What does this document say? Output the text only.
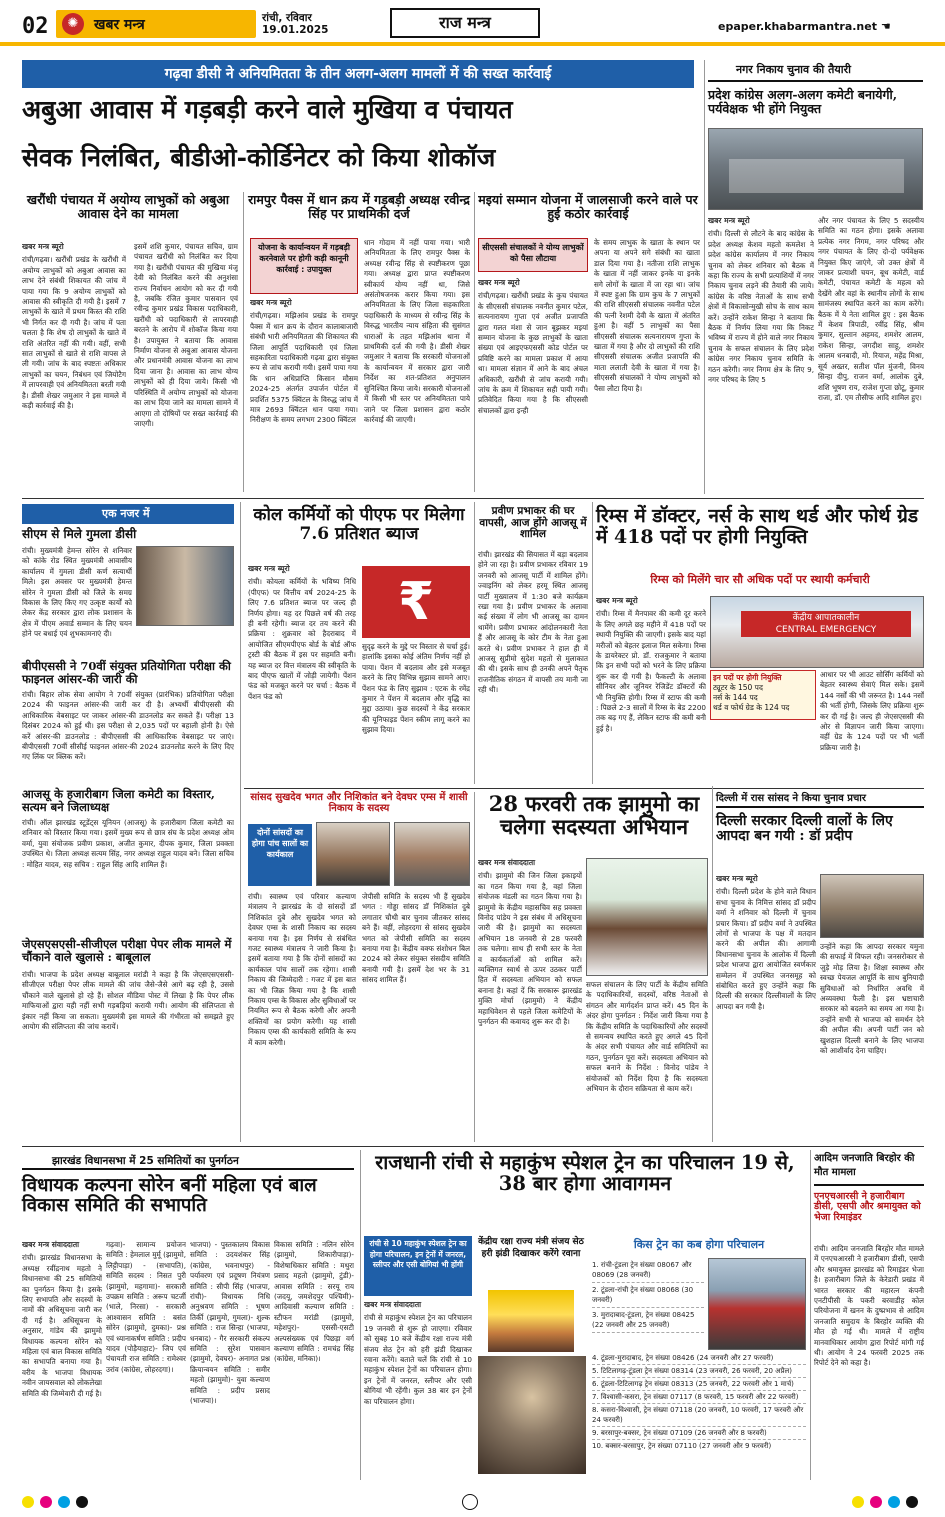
02	खबर मन्त्र
✺	रांची, रविवार
19.01.2025	राज मन्त्र	epaper.khabarmantra.net ☚
गढ़वा डीसी ने अनियमितता के तीन अलग-अलग मामलों में की सख्त कार्रवाई
अबुआ आवास में गड़बड़ी करने वाले मुखिया व पंचायत
सेवक निलंबित, बीडीओ-कोर्डिनेटर को किया शोकॉज
खरौंधी पंचायत में अयोग्य लाभुकों को अबुआ आवास देने का मामला
रामपुर पैक्स में धान क्रय में गड़बड़ी अध्यक्ष रवीन्द्र सिंह पर प्राथमिकी दर्ज
मइयां सम्मान योजना में जालसाजी करने वाले पर हुई कठोर कार्रवाई
खबर मन्त्र ब्यूरो

रांची/गढ़वा। खरौंधी प्रखंड के खरौंधी में अयोग्य लाभुकों को अबुआ आवास का लाभ देने संबंधी शिकायत की जांच में पाया गया कि 9 अयोग्य लाभुकों को आवास की स्वीकृति दी गयी है। इसमें 7 लाभुकों के खाते में प्रथम किस्त की राशि भी निर्गत कर दी गयी है। जांच में पता चलता है कि शेष दो लाभुकों के खाते में राशि अंतरित नहीं की गयी। वहीं, सभी सात लाभुकों से खाते से राशि वापस ले ली गयी। जांच के बाद स्पष्टतः अधिकार लाभुकों का चयन, निबंधन एवं जियोटैग में लापरवाही एवं अनियमितता बरती गयी है। डीसी शेखर जमुआर ने इस मामले में कड़ी कार्रवाई की है।

इसमें शशि कुमार, पंचायत सचिव, ग्राम पंचायत खरौंधी को निलंबित कर दिया गया है। खरौंधी पंचायत की मुखिया मंजू देवी को निलंबित करने की अनुशंसा राज्य निर्वाचन आयोग को कर दी गयी है, जबकि रंजित कुमार पासवान एवं रवीन्द्र कुमार प्रखंड विकास पदाधिकारी, खरौंधी को पदाधिकारी से लापरवाही बरतने के आरोप में शोकॉज किया गया है। उपायुक्त ने बताया कि आवास निर्माण योजना से अबुआ आवास योजना और प्रधानमंत्री आवास योजना का लाभ दिया जाना है। आवास का लाभ योग्य लाभुकों को ही दिया जाये। किसी भी परिस्थिति में अयोग्य लाभुकों को योजना का लाभ दिया जाने का मामला सामने में आएगा तो दोषियों पर सख्त कार्रवाई की जाएगी।

योजना के कार्यान्वयन में गड़बड़ी करनेवाले पर होगी कड़ी कानूनी कार्रवाई : उपायुक्त
खबर मन्त्र ब्यूरो

रांची/गढ़वा। मझिआंव प्रखंड के रामपुर पैक्स में धान क्रय के दौरान कालाबाजारी संबंधी भारी अनियमितता की शिकायत की जिला आपूर्ति पदाधिकारी एवं जिला सहकारिता पदाधिकारी गढ़वा द्वारा संयुक्त रूप से जांच करायी गयी। इसमें पाया गया कि धान अधिप्राप्ति किसान मौसम 2024-25 अंतर्गत उपार्जन पोर्टल में प्रदर्शित 5375 क्विंटल के विरुद्ध जांच में मात्र 2693 क्विंटल धान पाया गया। निरीक्षण के समय लगभग 2300 क्विंटल

धान गोदाम में नहीं पाया गया। भारी अनियमितता के लिए रामपुर पैक्स के अध्यक्ष रवीन्द्र सिंह से स्पष्टीकरण पूछा गया। अध्यक्ष द्वारा प्राप्त स्पष्टीकरण स्वीकार्य योग्य नहीं था, जिसे असंतोषजनक करार किया गया। इस अनियमितता के लिए जिला सहकारिता पदाधिकारी के माध्यम से रवीन्द्र सिंह के विरुद्ध भारतीय न्याय संहिता की सुसंगत धाराओं के तहत मझिआंव थाना में प्राथमिकी दर्ज की गयी है। डीसी शेखर जमुआर ने बताया कि सरकारी योजनाओं के कार्यान्वयन में सरकार द्वारा जारी निर्देश का शत-प्रतिशत अनुपालन सुनिश्चित किया जाये। सरकारी योजनाओं में किसी भी स्तर पर अनियमितता पाये जाने पर जिला प्रशासन द्वारा कठोर कार्रवाई की जाएगी।

सीएससी संचालकों ने योग्य लाभुकों को पैसा लौटाया
खबर मन्त्र ब्यूरो

रांची/गढ़वा। खरौंधी प्रखंड के कुच पंचायत के सीएससी संचालक नवनीत कुमार पटेल, सत्यनारायण गुप्ता एवं अजीत प्रजापति द्वारा गलत मंशा से जान बूझकर मइयां सम्मान योजना के कुछ लाभुकों के खाता संख्या एवं आइएफएससी कोड पोर्टल पर प्रविष्टि करने का मामला प्रकाश में आया था। मामला संज्ञान में आने के बाद अंचल अधिकारी, खरौंधी से जांच करायी गयी। जांच के क्रम में शिकायत सही पायी गयी। प्रतिवेदित किया गया है कि सीएससी संचालकों द्वारा इन्ही

के समय लाभुक के खाता के स्थान पर अपना या अपने सगे संबंधी का खाता डाल दिया गया है। नतीजा राशि लाभुक के खाता में नहीं जाकर इनके या इनके सगे लोगों के खाता में जा रहा था। जांच में स्पष्ट हुआ कि ग्राम कुच के 7 लाभुकों की राशि सीएससी संचालक नवनीत पटेल की पत्नी रेशमी देवी के खाता में अंतरित हुआ है। वहीं 5 लाभुकों का पैसा सीएससी संचालक सत्यनारायण गुप्ता के खाता में गया है और दो लाभुकों की राशि सीएससी संचालक अजीत प्रजापति की माता ललाती देवी के खाता में गया है। सीएससी संचालकों ने योग्य लाभुकों को पैसा लौटा दिया है।

नगर निकाय चुनाव की तैयारी
प्रदेश कांग्रेस अलग-अलग कमेटी बनायेगी, पर्यवेक्षक भी होंगे नियुक्त
खबर मन्त्र ब्यूरो

रांची। दिल्ली से लौटने के बाद कांग्रेस के प्रदेश अध्यक्ष केशव महतो कमलेश ने प्रदेश कांग्रेस कार्यालय में नगर निकाय चुनाव को लेकर शनिवार को बैठक में कहा कि राज्य के सभी प्रत्याशियों में नगर निकाय चुनाव लड़ने की तैयारी की जाये। कांग्रेस के वरिष्ठ नेताओं के साथ सभी क्षेत्रों में विकासोन्मुखी सोच के साथ काम करें। उन्होंने राकेश सिन्हा ने बताया कि बैठक में निर्णय लिया गया कि निकट भविष्य में राज्य में होने वाले नगर निकाय चुनाव के सफल संचालन के लिए प्रदेश कांग्रेस नगर निकाय चुनाव समिति के गठन करेगी। नगर निगम क्षेत्र के लिए 9, नगर परिषद के लिए 5

और नगर पंचायत के लिए 5 सदस्यीय समिति का गठन होगा। इसके अलावा प्रत्येक नगर निगम, नगर परिषद और नगर पंचायत के लिए दो-दो पर्यवेक्षक नियुक्त किए जाएंगे, जो उक्त क्षेत्रों में जाकर प्रत्याशी चयन, बूथ कमेटी, वार्ड कमेटी, पंचायत कमेटी के महत्व को देखेंगे और वहां के स्थानीय लोगों के साथ सामंजस्य स्थापित करने का काम करेंगे। बैठक में ये नेता शामिल हुए : इस बैठक में केशव त्रिपाठी, रवींद्र सिंह, श्रीम कुमार, सुल्तान अहमद, शमशेर आलम, राकेश सिन्हा, जगदीश साहू, शमशेर आलम धनबादी, मो. रियाज, महेंद्र मिश्रा, सूर्य अख्तर, सतीश पॉल मुंजनी, विनय सिन्हा दीपु, राजन वर्मा, आलोक दुबे, शशि भूषण राय, राजेश गुप्ता छोटू, कुमार राजा, डॉ. एम तौसीफ आदि शामिल हुए।

एक नजर में
सीएम से मिले गुमला डीसी

रांची। मुख्यमंत्री हेमन्त सोरेन से शनिवार को कांके रोड स्थित मुख्यमंत्री आवासीय कार्यालय में गुमला डीसी कर्ण सत्यार्थी मिले। इस अवसर पर मुख्यमंत्री हेमन्त सोरेन ने गुमला डीसी को जिले के समग्र विकास के लिए किए गए उत्कृष्ट कार्यों को लेकर केंद्र सरकार द्वारा लोक प्रशासन के क्षेत्र में पीएम अवार्ड सम्मान के लिए चयन होने पर बधाई एवं शुभकामनाएं दी।

बीपीएससी ने 70वीं संयुक्त प्रतियोगिता परीक्षा की फाइनल आंसर-की जारी की

रांची। बिहार लोक सेवा आयोग ने 70वीं संयुक्त (प्रारंभिक) प्रतियोगिता परीक्षा 2024 की फाइनल आंसर-की जारी कर दी है। अभ्यर्थी बीपीएससी की आधिकारिक वेबसाइट पर जाकर आंसर-की डाउनलोड कर सकते हैं। परीक्षा 13 दिसंबर 2024 को हुई थी। इस परीक्षा से 2,035 पदों पर बहाली होनी है। ऐसे करें आंसर-की डाउनलोड : बीपीएससी की आधिकारिक वेबसाइट पर जाएं। बीपीएससी 70वीं सीसीई फाइनल आंसर-की 2024 डाउनलोड करने के लिए दिए गए लिंक पर क्लिक करें।

आजसू के हजारीबाग जिला कमेटी का विस्तार, सत्यम बने जिलाध्यक्ष

रांची। ऑल झारखंड स्टूडेंट्स यूनियन (आजसू) के हजारीबाग जिला कमेटी का शनिवार को विस्तार किया गया। इसमें मुख्य रूप से छात्र संघ के प्रदेश अध्यक्ष ओम वर्मा, युवा संयोजक प्रवीण प्रकाश, अजीत कुमार, दीपक कुमार, जिला प्रवक्ता उपस्थित थे। जिला अध्यक्ष सत्यम सिंह, नगर अध्यक्ष राहुल यादव बने। जिला सचिव : मोहित यादव, सह सचिव : राहुल सिंह आदि शामिल हैं।

जेएसएसएसी-सीजीएल परीक्षा पेपर लीक मामले में चौंकाने वाले खुलासे : बाबूलाल

रांची। भाजपा के प्रदेश अध्यक्ष बाबूलाल मरांडी ने कहा है कि जेएसएसएससी-सीजीएल परीक्षा पेपर लीक मामले की जांच जैसे-जैसे आगे बढ़ रही है, उससे चौंकाने वाले खुलासे हो रहे हैं। सोशल मीडिया पोस्ट में लिखा है कि पेपर लीक माफियाओं द्वारा यही नहीं सभी गड़बड़ियां करायी गयी। आयोग की संलिप्तता से इंकार नहीं किया जा सकता। मुख्यमंत्री इस मामले की गंभीरता को समझते हुए आयोग की संलिप्तता की जांच करायें।

कोल कर्मियों को पीएफ पर मिलेगा 7.6 प्रतिशत ब्याज
खबर मन्त्र ब्यूरो

रांची। कोयला कर्मियों के भविष्य निधि (पीएफ) पर वित्तीय वर्ष 2024-25 के लिए 7.6 प्रतिशत ब्याज पर जल्द ही निर्णय होगा। यह दर पिछले वर्ष की तरह ही बनी रहेगी। ब्याज दर तय करने की प्रक्रिया : शुक्रवार को हैदराबाद में आयोजित सीएमपीएफ बोर्ड के बोर्ड ऑफ ट्रस्टी की बैठक में इस पर सहमति बनी। यह ब्याज दर वित्त मंत्रालय की स्वीकृति के बाद पीएफ खातों में जोड़ी जायेगी। पेंशन फंड को मजबूत करने पर चर्चा : बैठक में पेंशन फंड को

₹

सुदृढ़ करने के मुद्दे पर विस्तार से चर्चा हुई। हालांकि इसका कोई अंतिम निर्णय नहीं हो पाया। पेंशन में बदलाव और इसे मजबूत करने के लिए विभिन्न सुझाव सामने आए। पेंशन फंड के लिए सुझाव : एटक के रमेंद्र कुमार ने पेंशन में बदलाव और वृद्धि का मुद्दा उठाया। कुछ सदस्यों ने केंद्र सरकार की यूनिफाइड पेंशन स्कीम लागू करने का सुझाव दिया।

प्रवीण प्रभाकर की घर वापसी, आज होंगे आजसू में शामिल

रांची। झारखंड की सियासत में बड़ा बदलाव होने जा रहा है। प्रवीण प्रभाकर रविवार 19 जनवरी को आजसू पार्टी में शामिल होंगे। ज्वाइनिंग को लेकर हरमू स्थित आजसू पार्टी मुख्यालय में 1:30 बजे कार्यक्रम रखा गया है। प्रवीण प्रभाकर के अलावा कई संख्या में लोग भी आजसू का दामन थामेंगे। प्रवीण प्रभाकर आंदोलनकारी नेता हैं और आजसू के कोर टीम के नेता हुआ करते थे। प्रवीण प्रभाकर ने हाल ही में आजसू सुप्रीमो सुदेश महतो से मुलाकात की थी। इसके साथ ही उनकी अपने पैतृक राजनीतिक संगठन में वापसी तय मानी जा रही थी।

रिम्स में डॉक्टर, नर्स के साथ थर्ड और फोर्थ ग्रेड में 418 पदों पर होगी नियुक्ति
रिम्स को मिलेंगे चार सौ अधिक पदों पर स्थायी कर्मचारी
खबर मन्त्र ब्यूरो

रांची। रिम्स में मैनपावर की कमी दूर करने के लिए अगले छह महीने में 418 पदों पर स्थायी नियुक्ति की जाएगी। इसके बाद यहां मरीजों को बेहतर इलाज मिल सकेगा। रिम्स के डायरेक्टर प्रो. डॉ. राजकुमार ने बताया कि इन सभी पदों को भरने के लिए प्रक्रिया शुरू कर दी गयी है। फैकल्टी के अलावा सीनियर और जूनियर रेजिडेंट डॉक्टरों की भी नियुक्ति होगी। रिम्स में स्टाफ की कमी : पिछले 2-3 सालों में रिम्स के बेड 2200 तक बढ़ गए हैं, लेकिन स्टाफ की कमी बनी हुई है।

केंद्रीय आपातकालीन
CENTRAL EMERGENCY
इन पदों पर होगी नियुक्ति
ट्यूटर के 150 पद
नर्स के 144 पद
थर्ड व फोर्थ ग्रेड के 124 पद

आधार पर भी आउट सोर्सिंग कर्मियों को बेहतर स्वास्थ्य सेवाएं मिल सके। इसमें 144 नर्सों की भी जरूरत है। 144 नर्सों की भर्ती होगी, जिसके लिए प्रक्रिया शुरू कर दी गई है। जल्द ही जेएसएससी की ओर से विज्ञापन जारी किया जाएगा। वहीं ग्रेड के 124 पदों पर भी भर्ती प्रक्रिया जारी है।

सांसद सुखदेव भगत और निशिकांत बने देवघर एम्स में शासी निकाय के सदस्य
दोनों सांसदों का होगा पांच सालों का कार्यकाल

रांची। स्वास्थ्य एवं परिवार कल्याण मंत्रालय ने झारखंड के दो सांसदों डॉ निशिकांत दुबे और सुखदेव भगत को देवघर एम्स के शासी निकाय का सदस्य बनाया गया है। इस निर्णय से संबंधित गजट स्वास्थ्य मंत्रालय ने जारी किया है। इसमें बताया गया है कि दोनों सांसदों का कार्यकाल पांच सालों तक रहेगा। शासी निकाय की जिम्मेदारी : गजट में इस बात का भी जिक्र किया गया है कि शासी निकाय एम्स के विकास और सुविधाओं पर नियमित रूप से बैठक करेगी और अपनी शक्तियों का प्रयोग करेगी। यह शासी निकाय एम्स की कार्यकारी समिति के रूप में काम करेगी।

जेपीसी समिति के सदस्य भी हैं सुखदेव भगत : गोड्डा सांसद डॉ निशिकांत दुबे लगातार चौथी बार चुनाव जीतकर सांसद बने हैं। वहीं, लोहरदगा से सांसद सुखदेव भगत को जेपीसी समिति का सदस्य बनाया गया है। केंद्रीय वक्फ संशोधन बिल 2024 को लेकर संयुक्त संसदीय समिति बनायी गयी है। इसमें देश भर के 31 सांसद शामिल हैं।

28 फरवरी तक झामुमो का चलेगा सदस्यता अभियान
खबर मन्त्र संवाददाता

रांची। झामुमो की जिन जिला इकाइयों का गठन किया गया है, वहां जिला संयोजक मंडली का गठन किया गया है। झामुमो के केंद्रीय महासचिव सह प्रवक्ता विनोद पांडेय ने इस संबंध में अधिसूचना जारी की है। झामुमो का सदस्यता अभियान 18 जनवरी से 28 फरवरी तक चलेगा। साथ ही सभी स्तर के नेता व कार्यकर्ताओं को शामिल करें। व्यक्तिगत स्वार्थ से ऊपर उठकर पार्टी हित में सदस्यता अभियान को सफल बनाना है। कहां दें कि सरकारू झारखंड मुक्ति मोर्चा (झामुमो) ने केंद्रीय महाधिवेशन से पहले जिला कमेटियों के पुनर्गठन की कवायद शुरू कर दी है।

सफल संचालन के लिए पार्टी के केंद्रीय समिति के पदाधिकारियों, सदस्यों, वरिष्ठ नेताओं से संगठन और मार्गदर्शन प्राप्त करें। 45 दिन के अंदर होगा पुनर्गठन : निर्देश जारी किया गया है कि केंद्रीय समिति के पदाधिकारियों और सदस्यों से समन्वय स्थापित करते हुए अगले 45 दिनों के अंदर सभी पंचायत और वार्ड समितियों का गठन, पुनर्गठन पूरा करें। सदस्यता अभियान को सफल बनाने के निर्देश : विनोद पांडेय ने संयोजकों को निर्देश दिया है कि सदस्यता अभियान के दौरान सक्रियता से काम करें।

दिल्ली में रास सांसद ने किया चुनाव प्रचार
दिल्ली सरकार दिल्ली वालों के लिए आपदा बन गयी : डॉ प्रदीप
खबर मन्त्र ब्यूरो

रांची। दिल्ली प्रदेश के होने वाले विधान सभा चुनाव के निमित्त सांसद डॉ प्रदीप वर्मा ने शनिवार को दिल्ली में चुनाव प्रचार किया। डॉ प्रदीप वर्मा ने उपस्थित लोगों से भाजपा के पक्ष में मतदान करने की अपील की। आगामी विधानसभा चुनाव के आलोक में दिल्ली प्रदेश भाजपा द्वारा आयोजित स्वर्णकार सम्मेलन में उपस्थित जनसमूह को संबोधित करते हुए उन्होंने कहा कि दिल्ली की सरकार दिल्लीवालों के लिए आपदा बन गयी है।

उन्होंने कहा कि आपदा सरकार यमुना की सफाई में विफल रही। जनसरोकार से जुड़े मोड़ लिया है। शिक्षा स्वास्थ्य और स्वच्छ पेयजल आपूर्ति के साथ बुनियादी सुविधाओं को निर्धारित अवधि में अव्यवस्था फैली है। इस भ्रष्टाचारी सरकार को बदलने का समय आ गया है। उन्होंने सभी से भाजपा को समर्थन देने की अपील की। अपनी पार्टी जन को खुशहाल दिल्ली बनाने के लिए भाजपा को आशीर्वाद देना चाहिए।

झारखंड विधानसभा में 25 समितियों का पुनर्गठन
विधायक कल्पना सोरेन बनीं महिला एवं बाल विकास समिति की सभापति
खबर मन्त्र संवाददाता

रांची। झारखंड विधानसभा के अध्यक्ष रवींद्रनाथ महतो ने विधानसभा की 25 समितियों का पुनर्गठन किया है। इसके लिए सभापति और सदस्यों के नामों की अधिसूचना जारी कर दी गई है। अधिसूचना के अनुसार, गांडेय की झामुमो विधायक कल्पना सोरेन को महिला एवं बाल विकास समिति का सभापति बनाया गया है। वरीय के भाजपा विधायक नवीन जायसवाल को लोकलेखा समिति की जिम्मेवारी दी गई है।

गढ़वा)- सामान्य प्रयोजन समिति : हेमलाल मुर्मू (झामुमो, लिट्टीपाड़ा) - (सभापति), समिति सदस्य : निसत पुरी (झामुमो, महगामा)- सरकारी उपक्रम समिति : अरूप चटर्जी (भाले, निरसा) - सरकारी आश्वासन समिति : बसंत सोरेन (झामुमो, दुमका)- प्रश्न एवं ध्यानाकर्षण समिति : प्रदीप यादव (पोड़ैयाहाट)- जिप एवं पंचायती राज समिति : रामेश्वर उरांव (कांग्रेस, लोहरदगा)।

भाजपा) - पुस्तकालय विकास समिति : उदयशंकर सिंह (कांग्रेस, भवनाथपुर) - पर्यावरण एवं प्रदूषण नियंत्रण समिति : सीपी सिंह (भाजपा, रांची)- विधायक निधि अनुश्रवण समिति : भूषण तिर्की (झामुमो, गुमला)- शुल्क समिति : राज सिन्हा (भाजपा, धनबाद) - गैर सरकारी संकल्प समिति : सुरेश पासवान (झामुमो, देवघर)- अनागत प्रश्न क्रियान्वयन समिति : समीर महतो (झामुमो)- युवा कल्याण समिति : प्रदीप प्रसाद (भाजपा)।

विकास समिति : नलिन सोरेन (झामुमो, शिकारीपाड़ा)- विशेषाधिकार समिति : मथुरा प्रसाद महतो (झामुमो, टुंडी)- आवास समिति : सरयू राय (जदयू, जमशेदपुर पश्चिमी)- आदिवासी कल्याण समिति : स्टीफन मरांडी (झामुमो, महेशपुर)- एससी-एसटी अल्पसंख्यक एवं पिछड़ा वर्ग कल्याण समिति : रामचंद्र सिंह (कांग्रेस, मनिका)।

राजधानी रांची से महाकुंभ स्पेशल ट्रेन का परिचालन 19 से, 38 बार होगा आवागमन
रांची से 10 महाकुंभ स्पेशल ट्रेन का होगा परिचालन, इन ट्रेनों में जनरल, स्लीपर और एसी बोगियां भी होंगी
केंद्रीय रक्षा राज्य मंत्री संजय सेठ हरी झंडी दिखाकर करेंगे रवाना
खबर मन्त्र संवाददाता

रांची से महाकुंभ स्पेशल ट्रेन का परिचालन 19 जनवरी से शुरू हो जाएगा। रविवार को सुबह 10 बजे केंद्रीय रक्षा राज्य मंत्री संजय सेठ ट्रेन को हरी झंडी दिखाकर रवाना करेंगे। बताते चलें कि रांची से 10 महाकुंभ स्पेशल ट्रेनों का परिचालन होगा। इन ट्रेनों में जनरल, स्लीपर और एसी बोगियां भी रहेंगी। कुल 38 बार इन ट्रेनों का परिचालन होगा।

किस ट्रेन का कब होगा परिचालन
1. रांची-टूंडला ट्रेन संख्या 08067 और 08069 (28 जनवरी)
2. टूंडला-रांची ट्रेन संख्या 08068 (30 जनवरी)
3. मुरादाबाद-टूंडला, ट्रेन संख्या 08425 (22 जनवरी और 25 जनवरी)
4. टूंडला-मुरादाबाद, ट्रेन संख्या 08426 (24 जनवरी और 27 फरवरी)
5. टिटिलागढ़-टूंडला ट्रेन संख्या 08314 (23 जनवरी, 26 फरवरी, 20 अप्रैल)
6. टूंडला-टिटिलागढ़ ट्रेन संख्या 08313 (25 जनवरी, 22 फरवरी और 1 मार्च)
7. विश्वासी-कसरा, ट्रेन संख्या 07117 (8 फरवरी, 15 फरवरी और 22 फरवरी)
8. कसरा-विश्वासी, ट्रेन संख्या 07118 (20 जनवरी, 10 फरवरी, 17 फरवरी और 24 फरवरी)
9. बरसापुर-बक्सर, ट्रेन संख्या 07109 (26 जनवरी और 8 फरवरी)
10. बक्सर-बरसापुर, ट्रेन संख्या 07110 (27 जनवरी और 9 फरवरी)
आदिम जनजाति बिरहोर की मौत मामला
एनएचआरसी ने हजारीबाग डीसी, एसपी और श्रमायुक्त को भेजा रिमाइंडर

रांची। आदिम जनजाति बिरहोर मौत मामले में एनएचआरसी ने हजारीबाग डीसी, एसपी और श्रमायुक्त झारखंड को रिमाइंडर भेजा है। हजारीबाग जिले के केरेडारी प्रखंड में भारत सरकार की महारत्न कंपनी एनटीपीसी के पकरी बरवाडीह कोल परियोजना में खनन के दुष्प्रभाव से आदिम जनजाति समुदाय के बिरहोर व्यक्ति की मौत हो गई थी। मामले में राष्ट्रीय मानवाधिकार आयोग द्वारा रिपोर्ट मांगी गई थी। आयोग ने 24 फरवरी 2025 तक रिपोर्ट देने को कहा है।
